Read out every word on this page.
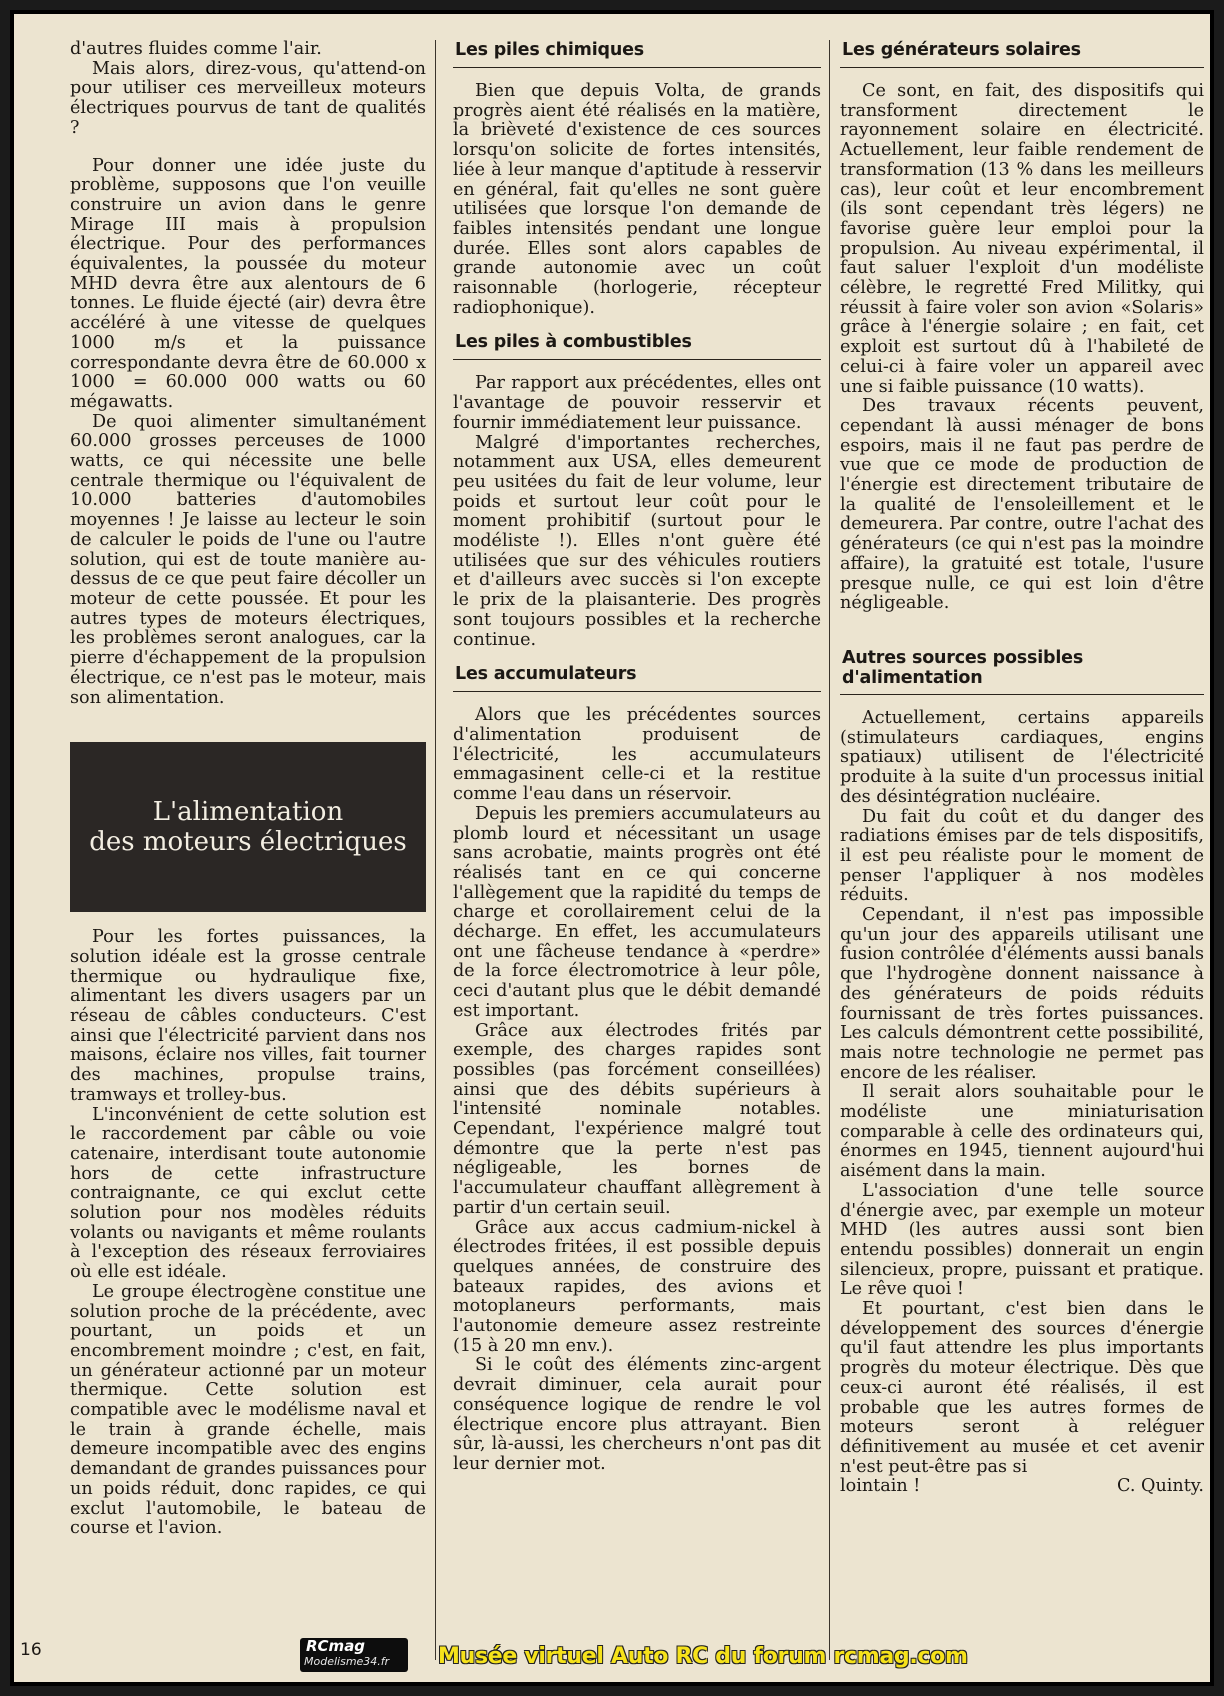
d'autres fluides comme l'air.

Mais alors, direz-vous, qu'attend-on pour utiliser ces merveilleux moteurs électriques pourvus de tant de qualités ?

Pour donner une idée juste du problème, supposons que l'on veuille construire un avion dans le genre Mirage III mais à propulsion électrique. Pour des performances équivalentes, la poussée du moteur MHD devra être aux alentours de 6 tonnes. Le fluide éjecté (air) devra être accéléré à une vitesse de quelques 1000 m/s et la puissance correspondante devra être de 60.000 x 1000 = 60.000 000 watts ou 60 mégawatts.

De quoi alimenter simultanément 60.000 grosses perceuses de 1000 watts, ce qui nécessite une belle centrale thermique ou l'équivalent de 10.000 batteries d'automobiles moyennes ! Je laisse au lecteur le soin de calculer le poids de l'une ou l'autre solution, qui est de toute manière au-dessus de ce que peut faire décoller un moteur de cette poussée. Et pour les autres types de moteurs électriques, les problèmes seront analogues, car la pierre d'échappement de la propulsion électrique, ce n'est pas le moteur, mais son alimentation.

L'alimentation
des moteurs électriques

Pour les fortes puissances, la solution idéale est la grosse centrale thermique ou hydraulique fixe, alimentant les divers usagers par un réseau de câbles conducteurs. C'est ainsi que l'électricité parvient dans nos maisons, éclaire nos villes, fait tourner des machines, propulse trains, tramways et trolley-bus.

L'inconvénient de cette solution est le raccordement par câble ou voie catenaire, interdisant toute autonomie hors de cette infrastructure contraignante, ce qui exclut cette solution pour nos modèles réduits volants ou navigants et même roulants à l'exception des réseaux ferroviaires où elle est idéale.

Le groupe électrogène constitue une solution proche de la précédente, avec pourtant, un poids et un encombrement moindre ; c'est, en fait, un générateur actionné par un moteur thermique. Cette solution est compatible avec le modélisme naval et le train à grande échelle, mais demeure incompatible avec des engins demandant de grandes puissances pour un poids réduit, donc rapides, ce qui exclut l'automobile, le bateau de course et l'avion.

Les piles chimiques

Bien que depuis Volta, de grands progrès aient été réalisés en la matière, la brièveté d'existence de ces sources lorsqu'on solicite de fortes intensités, liée à leur manque d'aptitude à resservir en général, fait qu'elles ne sont guère utilisées que lorsque l'on demande de faibles intensités pendant une longue durée. Elles sont alors capables de grande autonomie avec un coût raisonnable (horlogerie, récepteur radiophonique).

Les piles à combustibles

Par rapport aux précédentes, elles ont l'avantage de pouvoir resservir et fournir immédiatement leur puissance.

Malgré d'importantes recherches, notamment aux USA, elles demeurent peu usitées du fait de leur volume, leur poids et surtout leur coût pour le moment prohibitif (surtout pour le modéliste !). Elles n'ont guère été utilisées que sur des véhicules routiers et d'ailleurs avec succès si l'on excepte le prix de la plaisanterie. Des progrès sont toujours possibles et la recherche continue.

Les accumulateurs

Alors que les précédentes sources d'alimentation produisent de l'électricité, les accumulateurs emmagasinent celle-ci et la restitue comme l'eau dans un réservoir.

Depuis les premiers accumulateurs au plomb lourd et nécessitant un usage sans acrobatie, maints progrès ont été réalisés tant en ce qui concerne l'allègement que la rapidité du temps de charge et corollairement celui de la décharge. En effet, les accumulateurs ont une fâcheuse tendance à «perdre» de la force électromotrice à leur pôle, ceci d'autant plus que le débit demandé est important.

Grâce aux électrodes frités par exemple, des charges rapides sont possibles (pas forcément conseillées) ainsi que des débits supérieurs à l'intensité nominale notables. Cependant, l'expérience malgré tout démontre que la perte n'est pas négligeable, les bornes de l'accumulateur chauffant allègrement à partir d'un certain seuil.

Grâce aux accus cadmium-nickel à électrodes fritées, il est possible depuis quelques années, de construire des bateaux rapides, des avions et motoplaneurs performants, mais l'autonomie demeure assez restreinte (15 à 20 mn env.).

Si le coût des éléments zinc-argent devrait diminuer, cela aurait pour conséquence logique de rendre le vol électrique encore plus attrayant. Bien sûr, là-aussi, les chercheurs n'ont pas dit leur dernier mot.

Les générateurs solaires

Ce sont, en fait, des dispositifs qui transforment directement le rayonnement solaire en électricité. Actuellement, leur faible rendement de transformation (13 % dans les meilleurs cas), leur coût et leur encombrement (ils sont cependant très légers) ne favorise guère leur emploi pour la propulsion. Au niveau expérimental, il faut saluer l'exploit d'un modéliste célèbre, le regretté Fred Militky, qui réussit à faire voler son avion «Solaris» grâce à l'énergie solaire ; en fait, cet exploit est surtout dû à l'habileté de celui-ci à faire voler un appareil avec une si faible puissance (10 watts).

Des travaux récents peuvent, cependant là aussi ménager de bons espoirs, mais il ne faut pas perdre de vue que ce mode de production de l'énergie est directement tributaire de la qualité de l'ensoleillement et le demeurera. Par contre, outre l'achat des générateurs (ce qui n'est pas la moindre affaire), la gratuité est totale, l'usure presque nulle, ce qui est loin d'être négligeable.

Autres sources possibles
d'alimentation

Actuellement, certains appareils (stimulateurs cardiaques, engins spatiaux) utilisent de l'électricité produite à la suite d'un processus initial des désintégration nucléaire.

Du fait du coût et du danger des radiations émises par de tels dispositifs, il est peu réaliste pour le moment de penser l'appliquer à nos modèles réduits.

Cependant, il n'est pas impossible qu'un jour des appareils utilisant une fusion contrôlée d'éléments aussi banals que l'hydrogène donnent naissance à des générateurs de poids réduits fournissant de très fortes puissances. Les calculs démontrent cette possibilité, mais notre technologie ne permet pas encore de les réaliser.

Il serait alors souhaitable pour le modéliste une miniaturisation comparable à celle des ordinateurs qui, énormes en 1945, tiennent aujourd'hui aisément dans la main.

L'association d'une telle source d'énergie avec, par exemple un moteur MHD (les autres aussi sont bien entendu possibles) donnerait un engin silencieux, propre, puissant et pratique. Le rêve quoi !

Et pourtant, c'est bien dans le développement des sources d'énergie qu'il faut attendre les plus importants progrès du moteur électrique. Dès que ceux-ci auront été réalisés, il est probable que les autres formes de moteurs seront à reléguer définitivement au musée et cet avenir n'est peut-être pas si

lointain !	C. Quinty.
16	RCmag
Modelisme34.fr	Musée virtuel Auto RC du forum rcmag.com
